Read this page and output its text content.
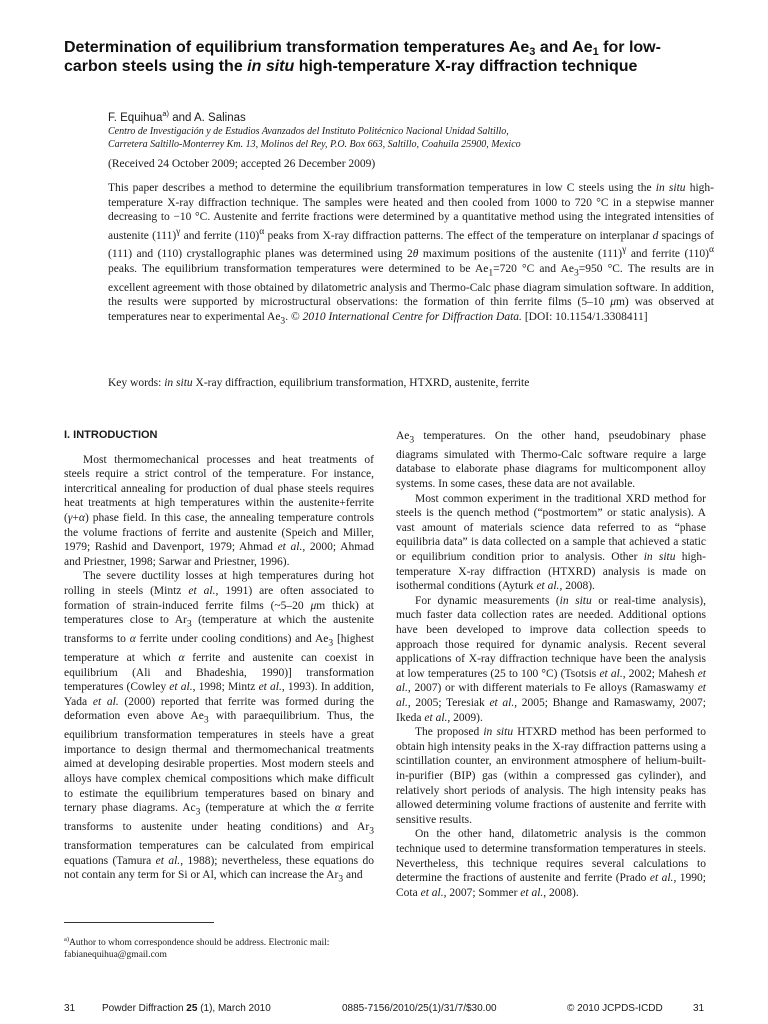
Determination of equilibrium transformation temperatures $Ae_3$ and $Ae_1$ for low-carbon steels using the in situ high-temperature X-ray diffraction technique
F. Equihua$^{a)}$ and A. Salinas
Centro de Investigación y de Estudios Avanzados del Instituto Politécnico Nacional Unidad Saltillo,
Carretera Saltillo-Monterrey Km. 13, Molinos del Rey, P.O. Box 663, Saltillo, Coahuila 25900, Mexico
(Received 24 October 2009; accepted 26 December 2009)

This paper describes a method to determine the equilibrium transformation temperatures in low C steels using the in situ high-temperature X-ray diffraction technique. The samples were heated and then cooled from 1000 to 720 °C in a stepwise manner decreasing to −10 °C. Austenite and ferrite fractions were determined by a quantitative method using the integrated intensities of austenite $(111)^\gamma$ and ferrite $(110)^\alpha$ peaks from X-ray diffraction patterns. The effect of the temperature on interplanar d spacings of (111) and (110) crystallographic planes was determined using 2θ maximum positions of the austenite $(111)^\gamma$ and ferrite $(110)^\alpha$ peaks. The equilibrium transformation temperatures were determined to be $Ae_1=720$ °C and $Ae_3=950$ °C. The results are in excellent agreement with those obtained by dilatometric analysis and Thermo-Calc phase diagram simulation software. In addition, the results were supported by microstructural observations: the formation of thin ferrite films (5–10 μm) was observed at temperatures near to experimental $Ae_3$. © 2010 International Centre for Diffraction Data. [DOI: 10.1154/1.3308411]

Key words: in situ X-ray diffraction, equilibrium transformation, HTXRD, austenite, ferrite
I. INTRODUCTION

Most thermomechanical processes and heat treatments of steels require a strict control of the temperature. For instance, intercritical annealing for production of dual phase steels requires heat treatments at high temperatures within the austenite+ferrite (γ+α) phase field. In this case, the annealing temperature controls the volume fractions of ferrite and austenite (Speich and Miller, 1979; Rashid and Davenport, 1979; Ahmad et al., 2000; Ahmad and Priestner, 1998; Sarwar and Priestner, 1996).

The severe ductility losses at high temperatures during hot rolling in steels (Mintz et al., 1991) are often associated to formation of strain-induced ferrite films (~5–20 μm thick) at temperatures close to $Ar_3$ (temperature at which the austenite transforms to α ferrite under cooling conditions) and $Ae_3$ [highest temperature at which α ferrite and austenite can coexist in equilibrium (Ali and Bhadeshia, 1990)] transformation temperatures (Cowley et al., 1998; Mintz et al., 1993). In addition, Yada et al. (2000) reported that ferrite was formed during the deformation even above $Ae_3$ with paraequilibrium. Thus, the equilibrium transformation temperatures in steels have a great importance to design thermal and thermomechanical treatments aimed at developing desirable properties. Most modern steels and alloys have complex chemical compositions which make difficult to estimate the equilibrium temperatures based on binary and ternary phase diagrams. $Ac_3$ (temperature at which the α ferrite transforms to austenite under heating conditions) and $Ar_3$ transformation temperatures can be calculated from empirical equations (Tamura et al., 1988); nevertheless, these equations do not contain any term for Si or Al, which can increase the $Ar_3$ and

$Ae_3$ temperatures. On the other hand, pseudobinary phase diagrams simulated with Thermo-Calc software require a large database to elaborate phase diagrams for multicomponent alloy systems. In some cases, these data are not available.

Most common experiment in the traditional XRD method for steels is the quench method (“postmortem” or static analysis). A vast amount of materials science data referred to as “phase equilibria data” is data collected on a sample that achieved a static or equilibrium condition prior to analysis. Other in situ high-temperature X-ray diffraction (HTXRD) analysis is made on isothermal conditions (Ayturk et al., 2008).

For dynamic measurements (in situ or real-time analysis), much faster data collection rates are needed. Additional options have been developed to improve data collection speeds to approach those required for dynamic analysis. Recent several applications of X-ray diffraction technique have been the analysis at low temperatures (25 to 100 °C) (Tsotsis et al., 2002; Mahesh et al., 2007) or with different materials to Fe alloys (Ramaswamy et al., 2005; Teresiak et al., 2005; Bhange and Ramaswamy, 2007; Ikeda et al., 2009).

The proposed in situ HTXRD method has been performed to obtain high intensity peaks in the X-ray diffraction patterns using a scintillation counter, an environment atmosphere of helium-built-in-purifier (BIP) gas (within a compressed gas cylinder), and relatively short periods of analysis. The high intensity peaks has allowed determining volume fractions of austenite and ferrite with sensitive results.

On the other hand, dilatometric analysis is the common technique used to determine transformation temperatures in steels. Nevertheless, this technique requires several calculations to determine the fractions of austenite and ferrite (Prado et al., 1990; Cota et al., 2007; Sommer et al., 2008).

$^{a)}$Author to whom correspondence should be address. Electronic mail: fabianequihua@gmail.com
31	Powder Diffraction 25 (1), March 2010	0885-7156/2010/25(1)/31/7/$30.00	© 2010 JCPDS-ICDD	31
